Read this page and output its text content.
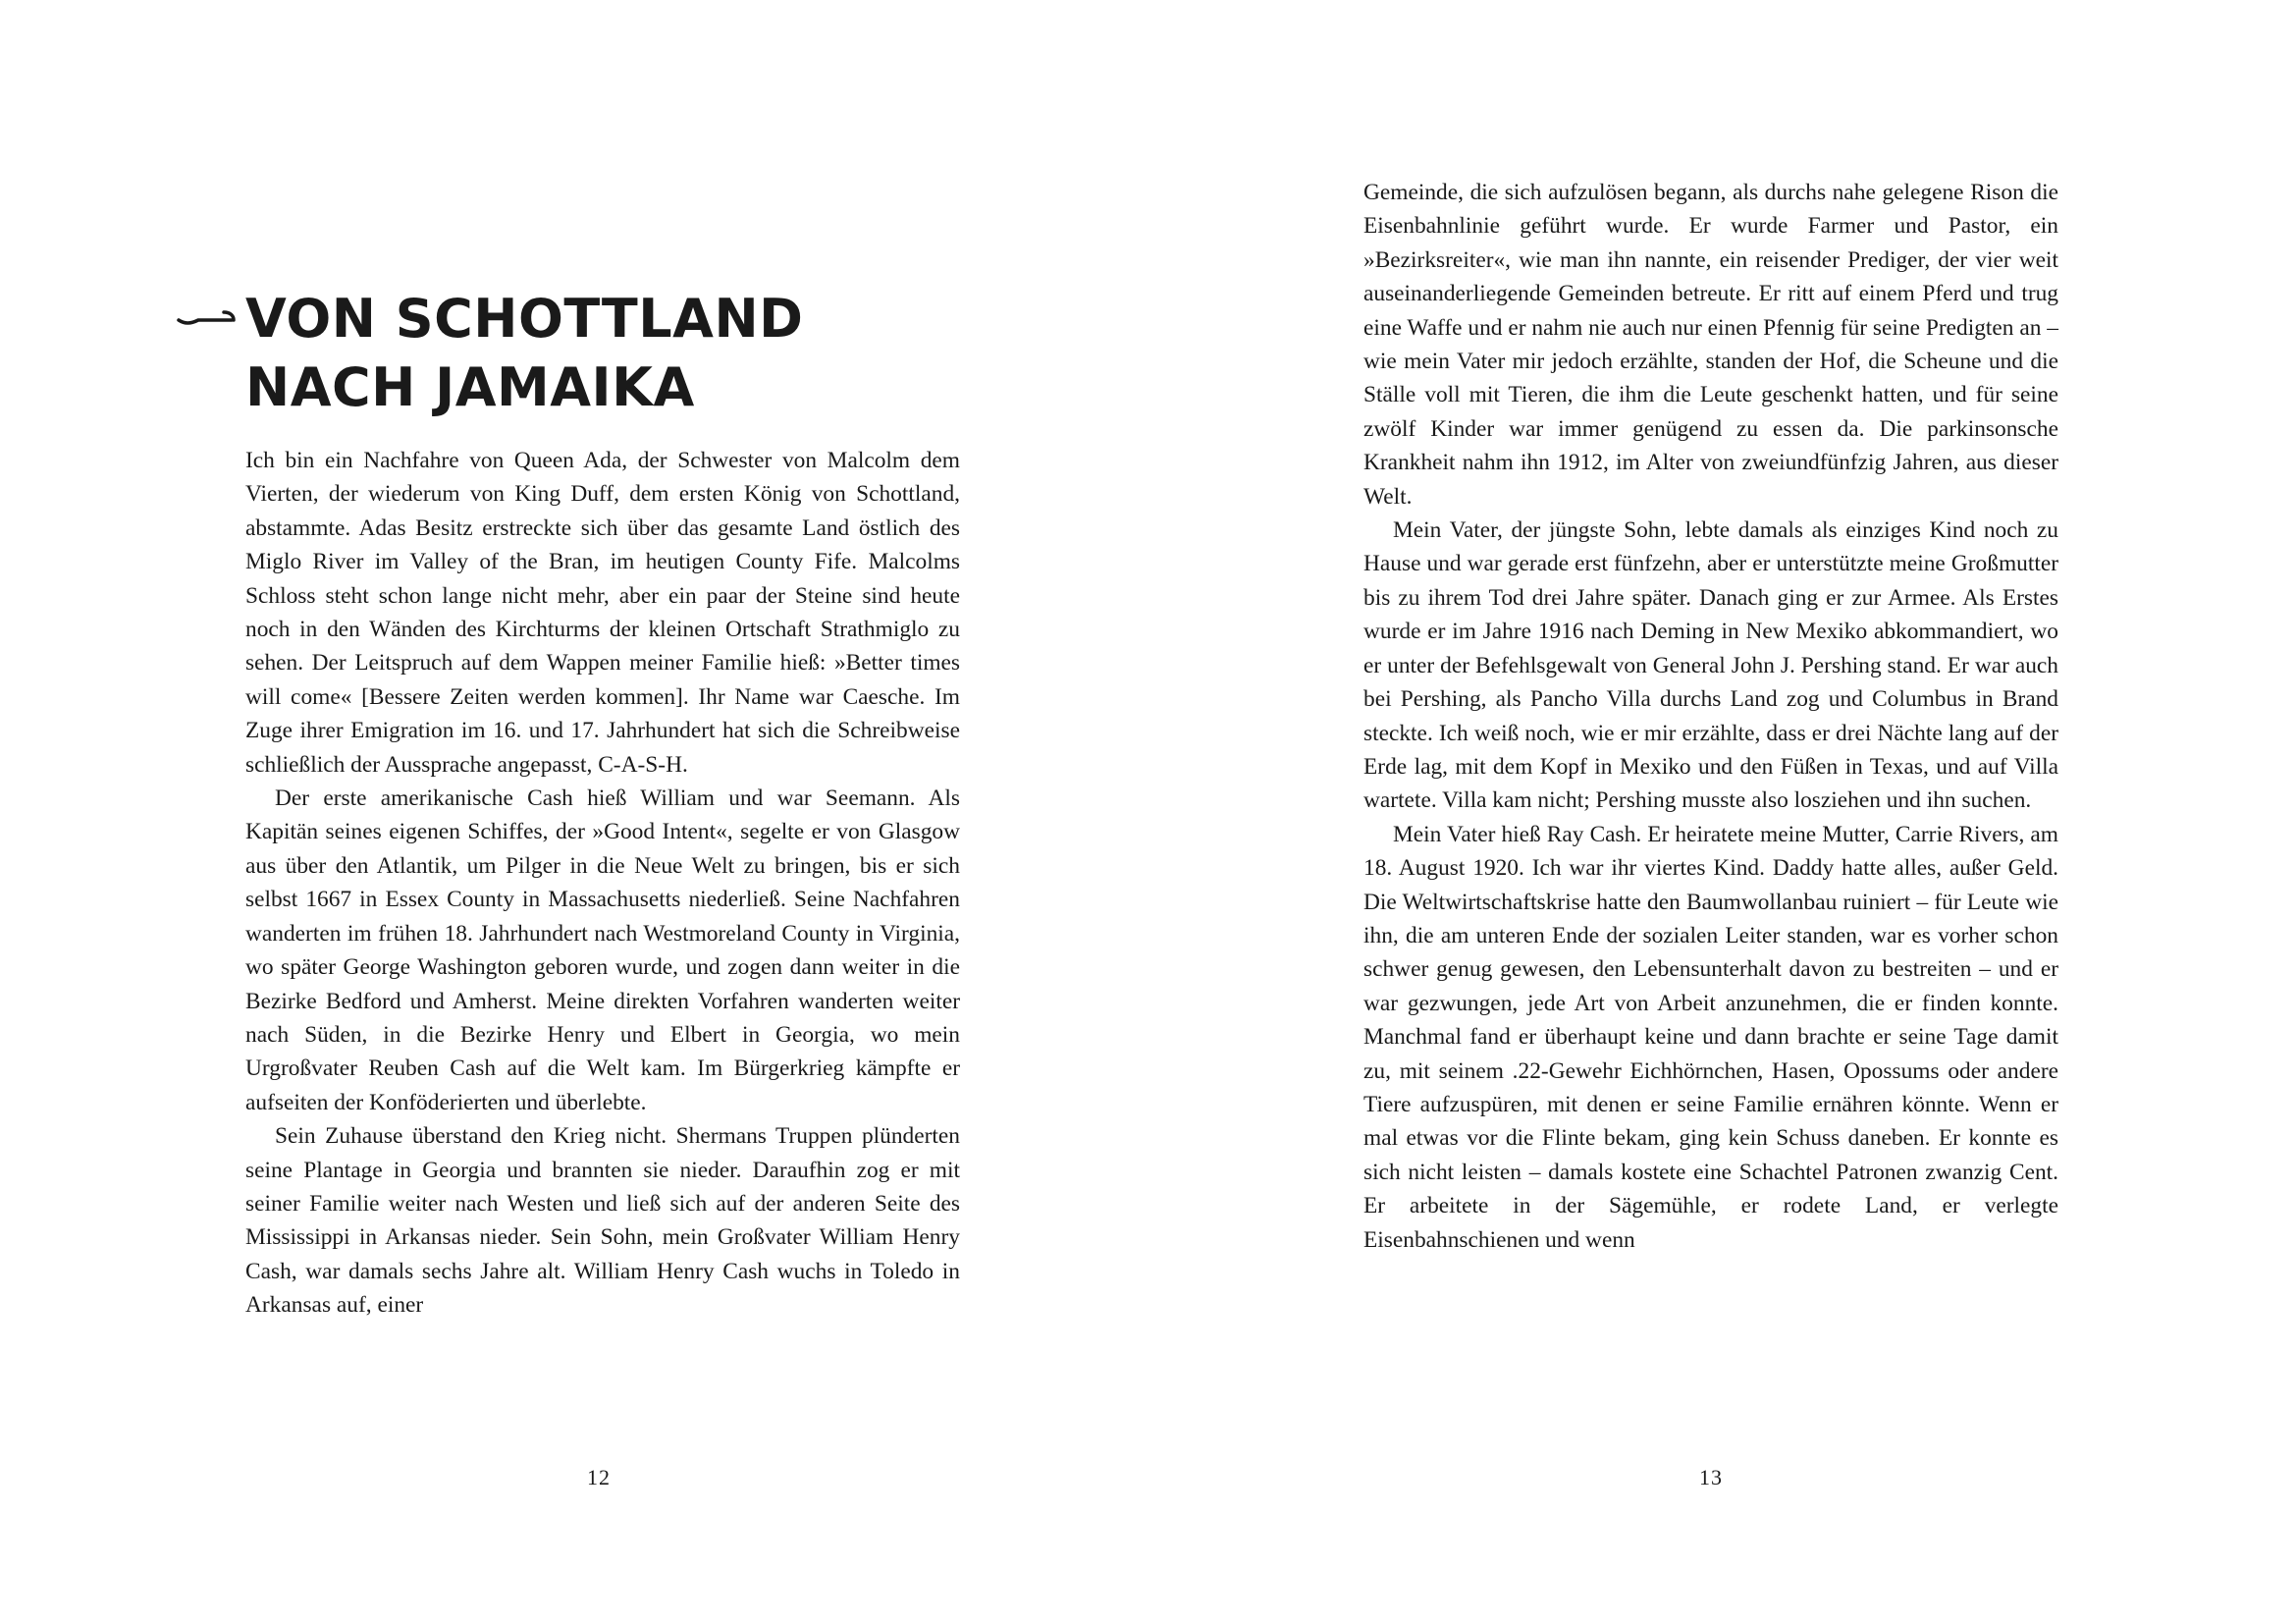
VON SCHOTTLAND
NACH JAMAIKA

Ich bin ein Nachfahre von Queen Ada, der Schwester von Malcolm dem Vierten, der wiederum von King Duff, dem ersten König von Schottland, abstammte. Adas Besitz erstreckte sich über das gesamte Land östlich des Miglo River im Valley of the Bran, im heutigen County Fife. Malcolms Schloss steht schon lange nicht mehr, aber ein paar der Steine sind heute noch in den Wänden des Kirchturms der kleinen Ortschaft Strathmiglo zu sehen. Der Leitspruch auf dem Wappen meiner Familie hieß: »Better times will come« [Bessere Zeiten werden kommen]. Ihr Name war Caesche. Im Zuge ihrer Emigration im 16. und 17. Jahrhundert hat sich die Schreibweise schließlich der Aussprache angepasst, C-A-S-H.

Der erste amerikanische Cash hieß William und war Seemann. Als Kapitän seines eigenen Schiffes, der »Good Intent«, segelte er von Glasgow aus über den Atlantik, um Pilger in die Neue Welt zu bringen, bis er sich selbst 1667 in Essex County in Massachusetts niederließ. Seine Nachfahren wanderten im frühen 18. Jahrhundert nach Westmoreland County in Virginia, wo später George Washington geboren wurde, und zogen dann weiter in die Bezirke Bedford und Amherst. Meine direkten Vorfahren wanderten weiter nach Süden, in die Bezirke Henry und Elbert in Georgia, wo mein Urgroßvater Reuben Cash auf die Welt kam. Im Bürgerkrieg kämpfte er aufseiten der Konföderierten und überlebte.

Sein Zuhause überstand den Krieg nicht. Shermans Truppen plünderten seine Plantage in Georgia und brannten sie nieder. Daraufhin zog er mit seiner Familie weiter nach Westen und ließ sich auf der anderen Seite des Mississippi in Arkansas nieder. Sein Sohn, mein Großvater William Henry Cash, war damals sechs Jahre alt. William Henry Cash wuchs in Toledo in Arkansas auf, einer

12

Gemeinde, die sich aufzulösen begann, als durchs nahe gelegene Rison die Eisenbahnlinie geführt wurde. Er wurde Farmer und Pastor, ein »Bezirksreiter«, wie man ihn nannte, ein reisender Prediger, der vier weit auseinanderliegende Gemeinden betreute. Er ritt auf einem Pferd und trug eine Waffe und er nahm nie auch nur einen Pfennig für seine Predigten an – wie mein Vater mir jedoch erzählte, standen der Hof, die Scheune und die Ställe voll mit Tieren, die ihm die Leute geschenkt hatten, und für seine zwölf Kinder war immer genügend zu essen da. Die parkinsonsche Krankheit nahm ihn 1912, im Alter von zweiundfünfzig Jahren, aus dieser Welt.

Mein Vater, der jüngste Sohn, lebte damals als einziges Kind noch zu Hause und war gerade erst fünfzehn, aber er unterstützte meine Großmutter bis zu ihrem Tod drei Jahre später. Danach ging er zur Armee. Als Erstes wurde er im Jahre 1916 nach Deming in New Mexiko abkommandiert, wo er unter der Befehlsgewalt von General John J. Pershing stand. Er war auch bei Pershing, als Pancho Villa durchs Land zog und Columbus in Brand steckte. Ich weiß noch, wie er mir erzählte, dass er drei Nächte lang auf der Erde lag, mit dem Kopf in Mexiko und den Füßen in Texas, und auf Villa wartete. Villa kam nicht; Pershing musste also losziehen und ihn suchen.

Mein Vater hieß Ray Cash. Er heiratete meine Mutter, Carrie Rivers, am 18. August 1920. Ich war ihr viertes Kind. Daddy hatte alles, außer Geld. Die Weltwirtschaftskrise hatte den Baumwollanbau ruiniert – für Leute wie ihn, die am unteren Ende der sozialen Leiter standen, war es vorher schon schwer genug gewesen, den Lebensunterhalt davon zu bestreiten – und er war gezwungen, jede Art von Arbeit anzunehmen, die er finden konnte. Manchmal fand er überhaupt keine und dann brachte er seine Tage damit zu, mit seinem .22-Gewehr Eichhörnchen, Hasen, Opossums oder andere Tiere aufzuspüren, mit denen er seine Familie ernähren könnte. Wenn er mal etwas vor die Flinte bekam, ging kein Schuss daneben. Er konnte es sich nicht leisten – damals kostete eine Schachtel Patronen zwanzig Cent. Er arbeitete in der Sägemühle, er rodete Land, er verlegte Eisenbahnschienen und wenn

13
